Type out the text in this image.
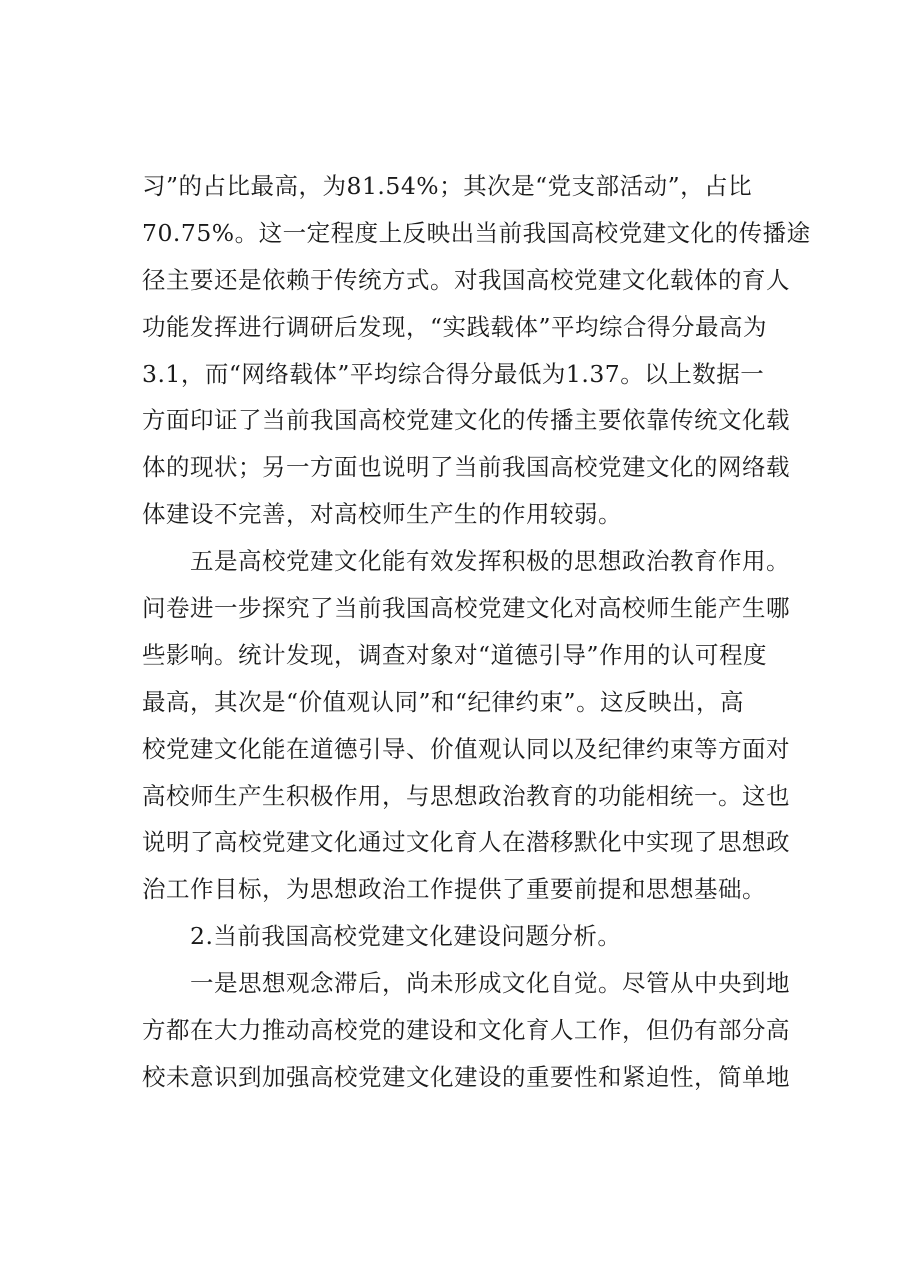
习”的占比最高，为81.54%；其次是“党支部活动”，占比
70.75%。这一定程度上反映出当前我国高校党建文化的传播途
径主要还是依赖于传统方式。对我国高校党建文化载体的育人
功能发挥进行调研后发现，“实践载体”平均综合得分最高为
3.1，而“网络载体”平均综合得分最低为1.37。以上数据一
方面印证了当前我国高校党建文化的传播主要依靠传统文化载
体的现状；另一方面也说明了当前我国高校党建文化的网络载
体建设不完善，对高校师生产生的作用较弱。
五是高校党建文化能有效发挥积极的思想政治教育作用。
问卷进一步探究了当前我国高校党建文化对高校师生能产生哪
些影响。统计发现，调查对象对“道德引导”作用的认可程度
最高，其次是“价值观认同”和“纪律约束”。这反映出，高
校党建文化能在道德引导、价值观认同以及纪律约束等方面对
高校师生产生积极作用，与思想政治教育的功能相统一。这也
说明了高校党建文化通过文化育人在潜移默化中实现了思想政
治工作目标，为思想政治工作提供了重要前提和思想基础。
2.当前我国高校党建文化建设问题分析。
一是思想观念滞后，尚未形成文化自觉。尽管从中央到地
方都在大力推动高校党的建设和文化育人工作，但仍有部分高
校未意识到加强高校党建文化建设的重要性和紧迫性，简单地
